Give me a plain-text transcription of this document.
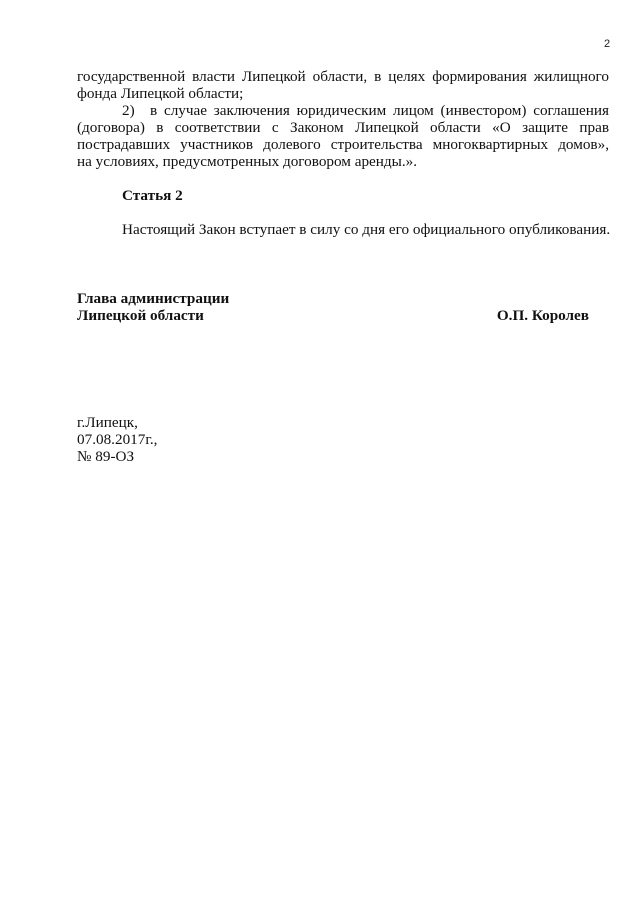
2
государственной власти Липецкой области, в целях формирования жилищного
фонда Липецкой области;
2)	в случае заключения юридическим лицом (инвестором) соглашения
(договора) в соответствии с Законом Липецкой области «О защите прав
пострадавших участников долевого строительства многоквартирных домов»,
на условиях, предусмотренных договором аренды.».
Статья 2
Настоящий Закон вступает в силу со дня его официального опубликования.
Глава администрации
Липецкой области	О.П. Королев
г.Липецк,
07.08.2017г.,
№ 89-ОЗ
